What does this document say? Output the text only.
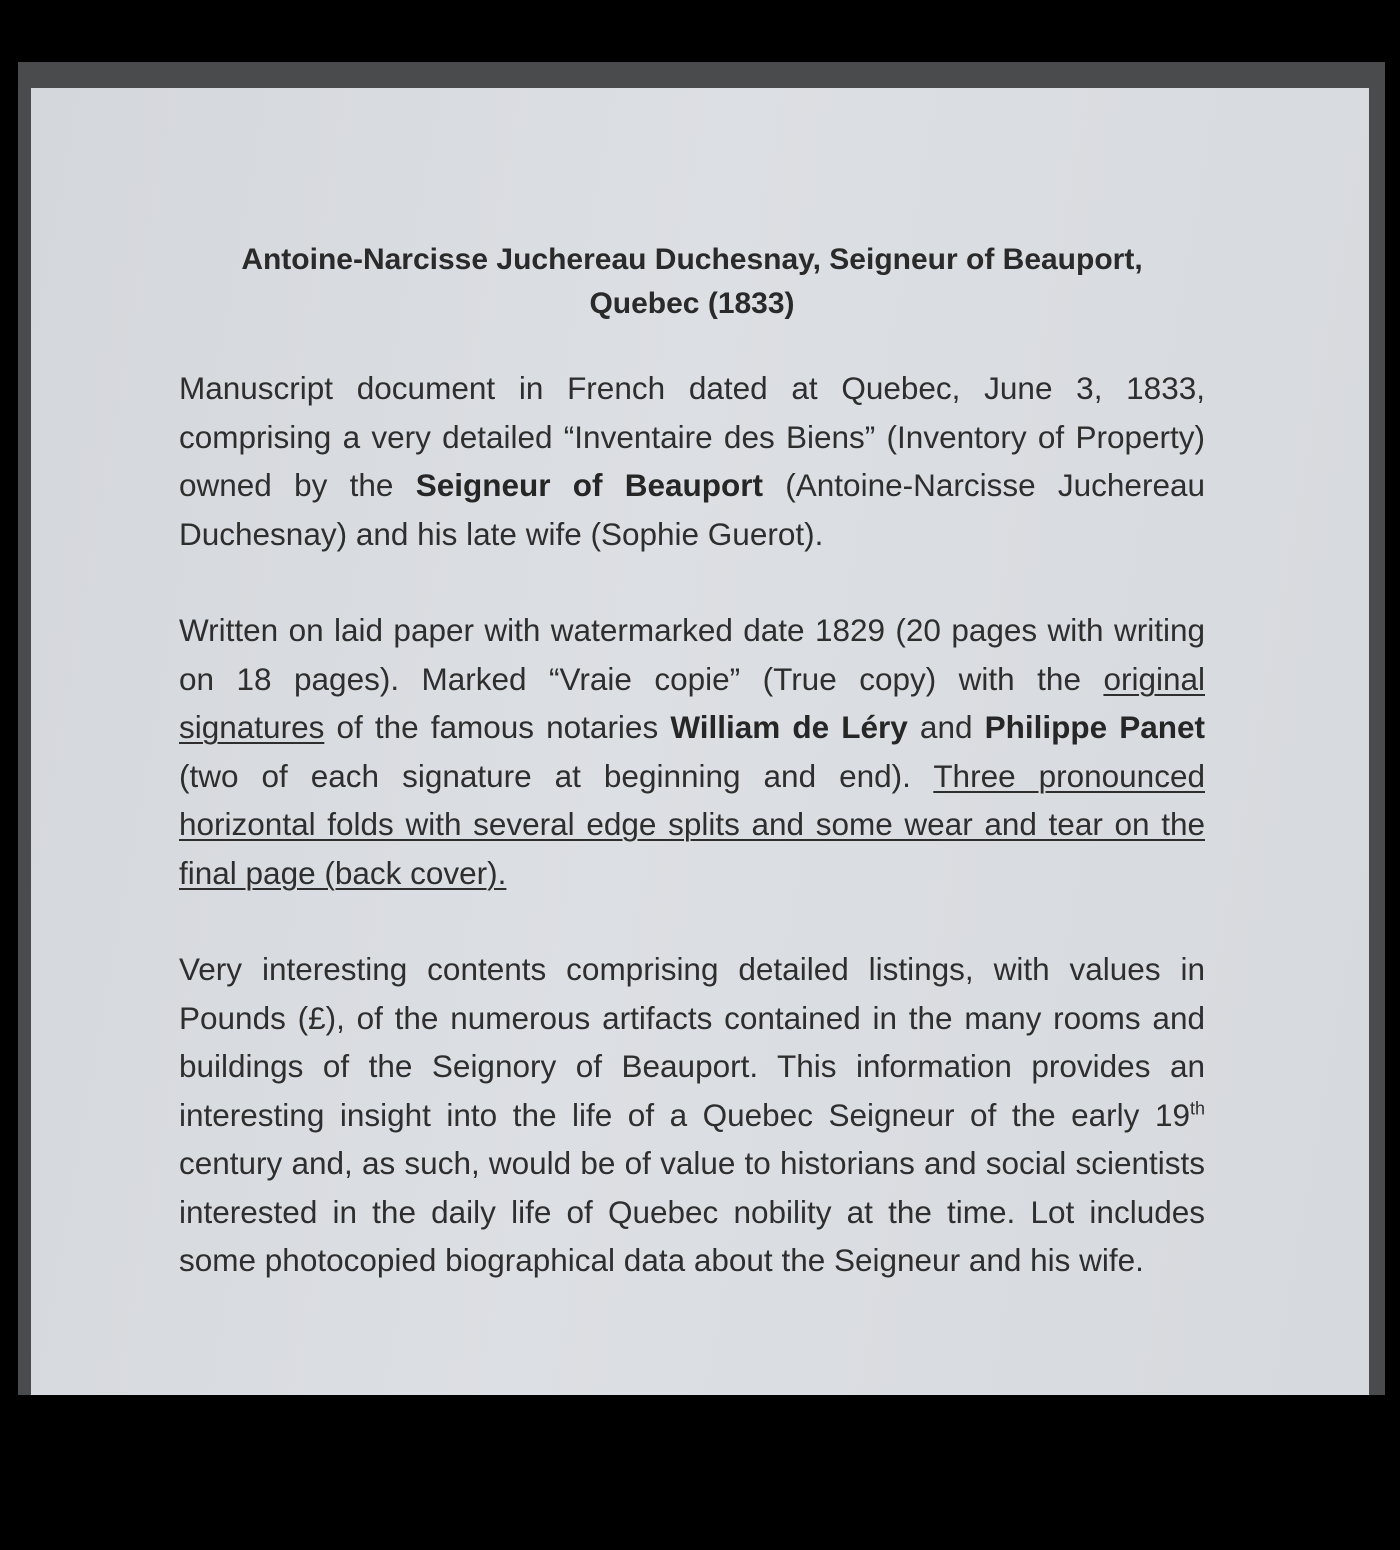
Antoine-Narcisse Juchereau Duchesnay, Seigneur of Beauport,
Quebec (1833)

Manuscript document in French dated at Quebec, June 3, 1833, comprising a very detailed “Inventaire des Biens” (Inventory of Property) owned by the Seigneur of Beauport (Antoine-Narcisse Juchereau Duchesnay) and his late wife (Sophie Guerot).

Written on laid paper with watermarked date 1829 (20 pages with writing on 18 pages). Marked “Vraie copie” (True copy) with the original signatures of the famous notaries William de Léry and Philippe Panet (two of each signature at beginning and end). Three pronounced horizontal folds with several edge splits and some wear and tear on the final page (back cover).

Very interesting contents comprising detailed listings, with values in Pounds (£), of the numerous artifacts contained in the many rooms and buildings of the Seignory of Beauport. This information provides an interesting insight into the life of a Quebec Seigneur of the early 19th century and, as such, would be of value to historians and social scientists interested in the daily life of Quebec nobility at the time. Lot includes some photocopied biographical data about the Seigneur and his wife.
